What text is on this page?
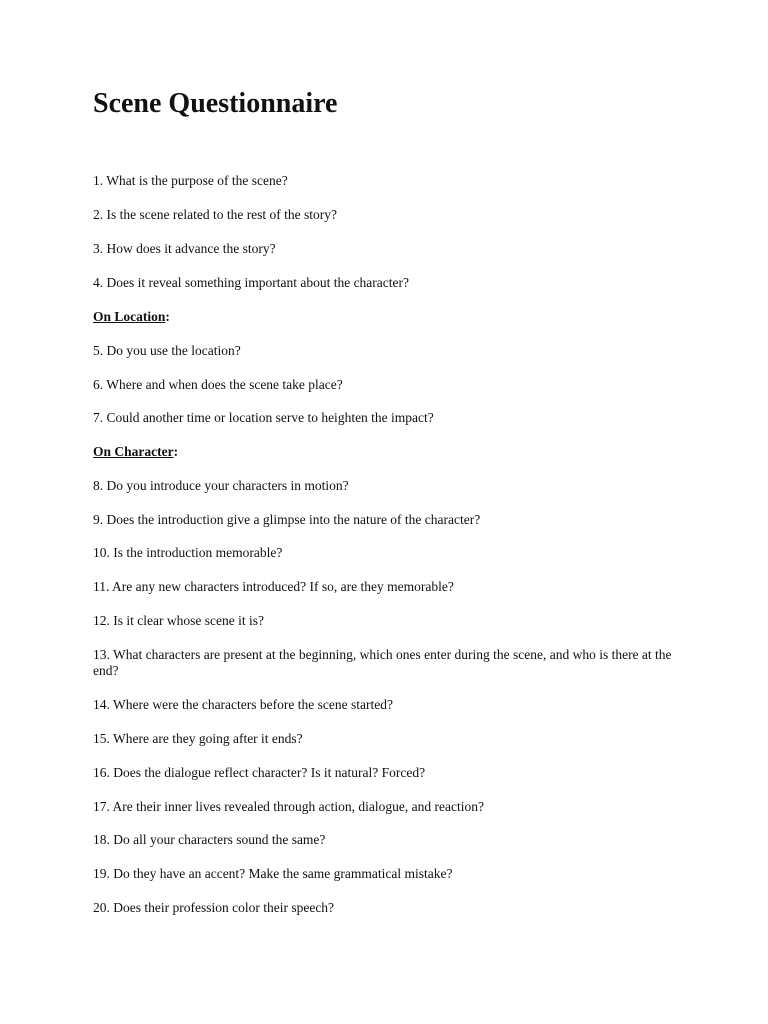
Scene Questionnaire
1. What is the purpose of the scene?
2. Is the scene related to the rest of the story?
3. How does it advance the story?
4. Does it reveal something important about the character?
On Location:
5. Do you use the location?
6. Where and when does the scene take place?
7. Could another time or location serve to heighten the impact?
On Character:
8. Do you introduce your characters in motion?
9. Does the introduction give a glimpse into the nature of the character?
10. Is the introduction memorable?
11. Are any new characters introduced? If so, are they memorable?
12. Is it clear whose scene it is?
13. What characters are present at the beginning, which ones enter during the scene, and who is there at the end?
14. Where were the characters before the scene started?
15. Where are they going after it ends?
16. Does the dialogue reflect character? Is it natural? Forced?
17. Are their inner lives revealed through action, dialogue, and reaction?
18. Do all your characters sound the same?
19. Do they have an accent? Make the same grammatical mistake?
20. Does their profession color their speech?
